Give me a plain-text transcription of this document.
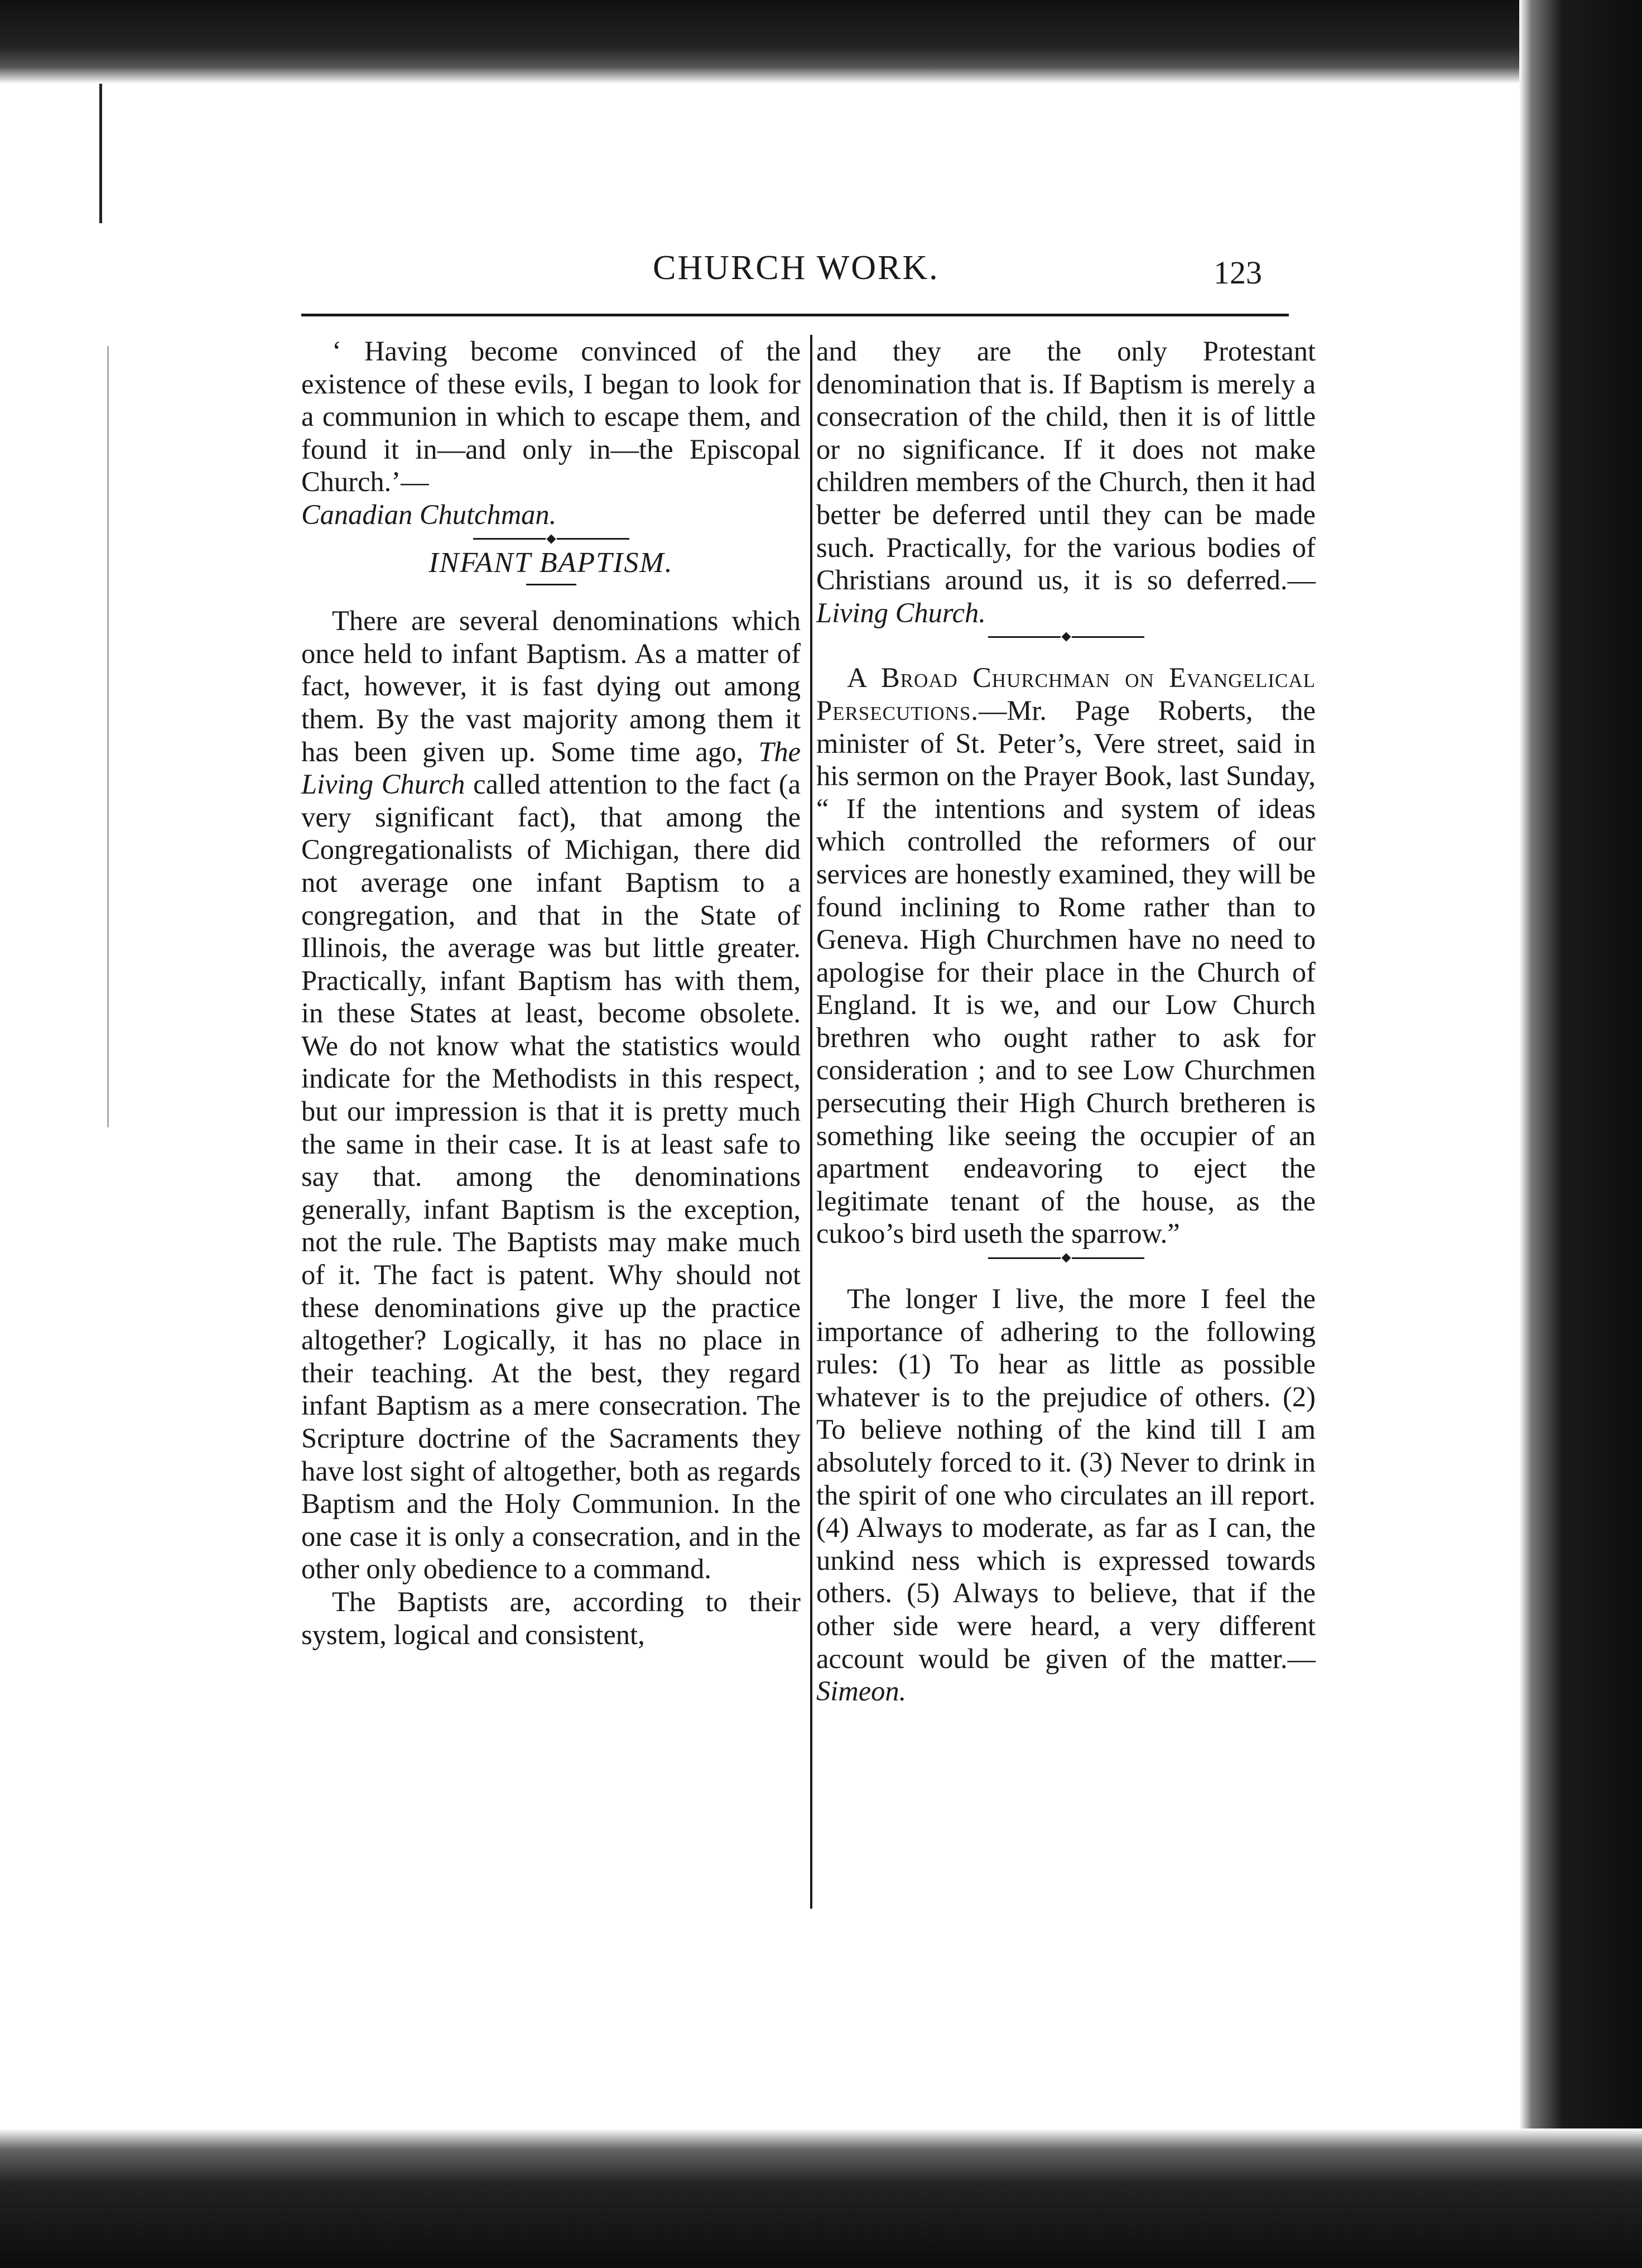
CHURCH WORK.	123

‘ Having become convinced of the existence of these evils, I began to look for a communion in which to escape them, and found it in—and only in—the Episcopal Church.’—

Canadian Chutchman.

INFANT BAPTISM.

There are several denominations which once held to infant Baptism. As a matter of fact, however, it is fast dying out among them. By the vast majority among them it has been given up. Some time ago, The Living Church called attention to the fact (a very significant fact), that among the Congregationalists of Michigan, there did not average one infant Baptism to a congregation, and that in the State of Illinois, the average was but little greater. Practically, infant Baptism has with them, in these States at least, become obsolete. We do not know what the statistics would indicate for the Methodists in this respect, but our impression is that it is pretty much the same in their case. It is at least safe to say that. among the denominations generally, infant Baptism is the exception, not the rule. The Baptists may make much of it. The fact is patent. Why should not these denominations give up the practice altogether? Logically, it has no place in their teaching. At the best, they regard infant Baptism as a mere consecration. The Scripture doctrine of the Sacraments they have lost sight of altogether, both as regards Baptism and the Holy Communion. In the one case it is only a consecration, and in the other only obedience to a command.

The Baptists are, according to their system, logical and consistent,

and they are the only Protestant denomination that is. If Baptism is merely a consecration of the child, then it is of little or no significance. If it does not make children members of the Church, then it had better be deferred until they can be made such. Practically, for the various bodies of Christians around us, it is so deferred.—Living Church.

A Broad Churchman on Evangelical Persecutions.—Mr. Page Roberts, the minister of St. Peter’s, Vere street, said in his sermon on the Prayer Book, last Sunday, “ If the intentions and system of ideas which controlled the reformers of our services are honestly examined, they will be found inclining to Rome rather than to Geneva. High Churchmen have no need to apologise for their place in the Church of England. It is we, and our Low Church brethren who ought rather to ask for consideration ; and to see Low Churchmen persecuting their High Church bretheren is something like seeing the occupier of an apartment endeavoring to eject the legitimate tenant of the house, as the cukoo’s bird useth the sparrow.”

The longer I live, the more I feel the importance of adhering to the following rules: (1) To hear as little as possible whatever is to the prejudice of others. (2) To believe nothing of the kind till I am absolutely forced to it. (3) Never to drink in the spirit of one who circulates an ill report. (4) Always to moderate, as far as I can, the unkind ness which is expressed towards others. (5) Always to believe, that if the other side were heard, a very different account would be given of the matter.—Simeon.
